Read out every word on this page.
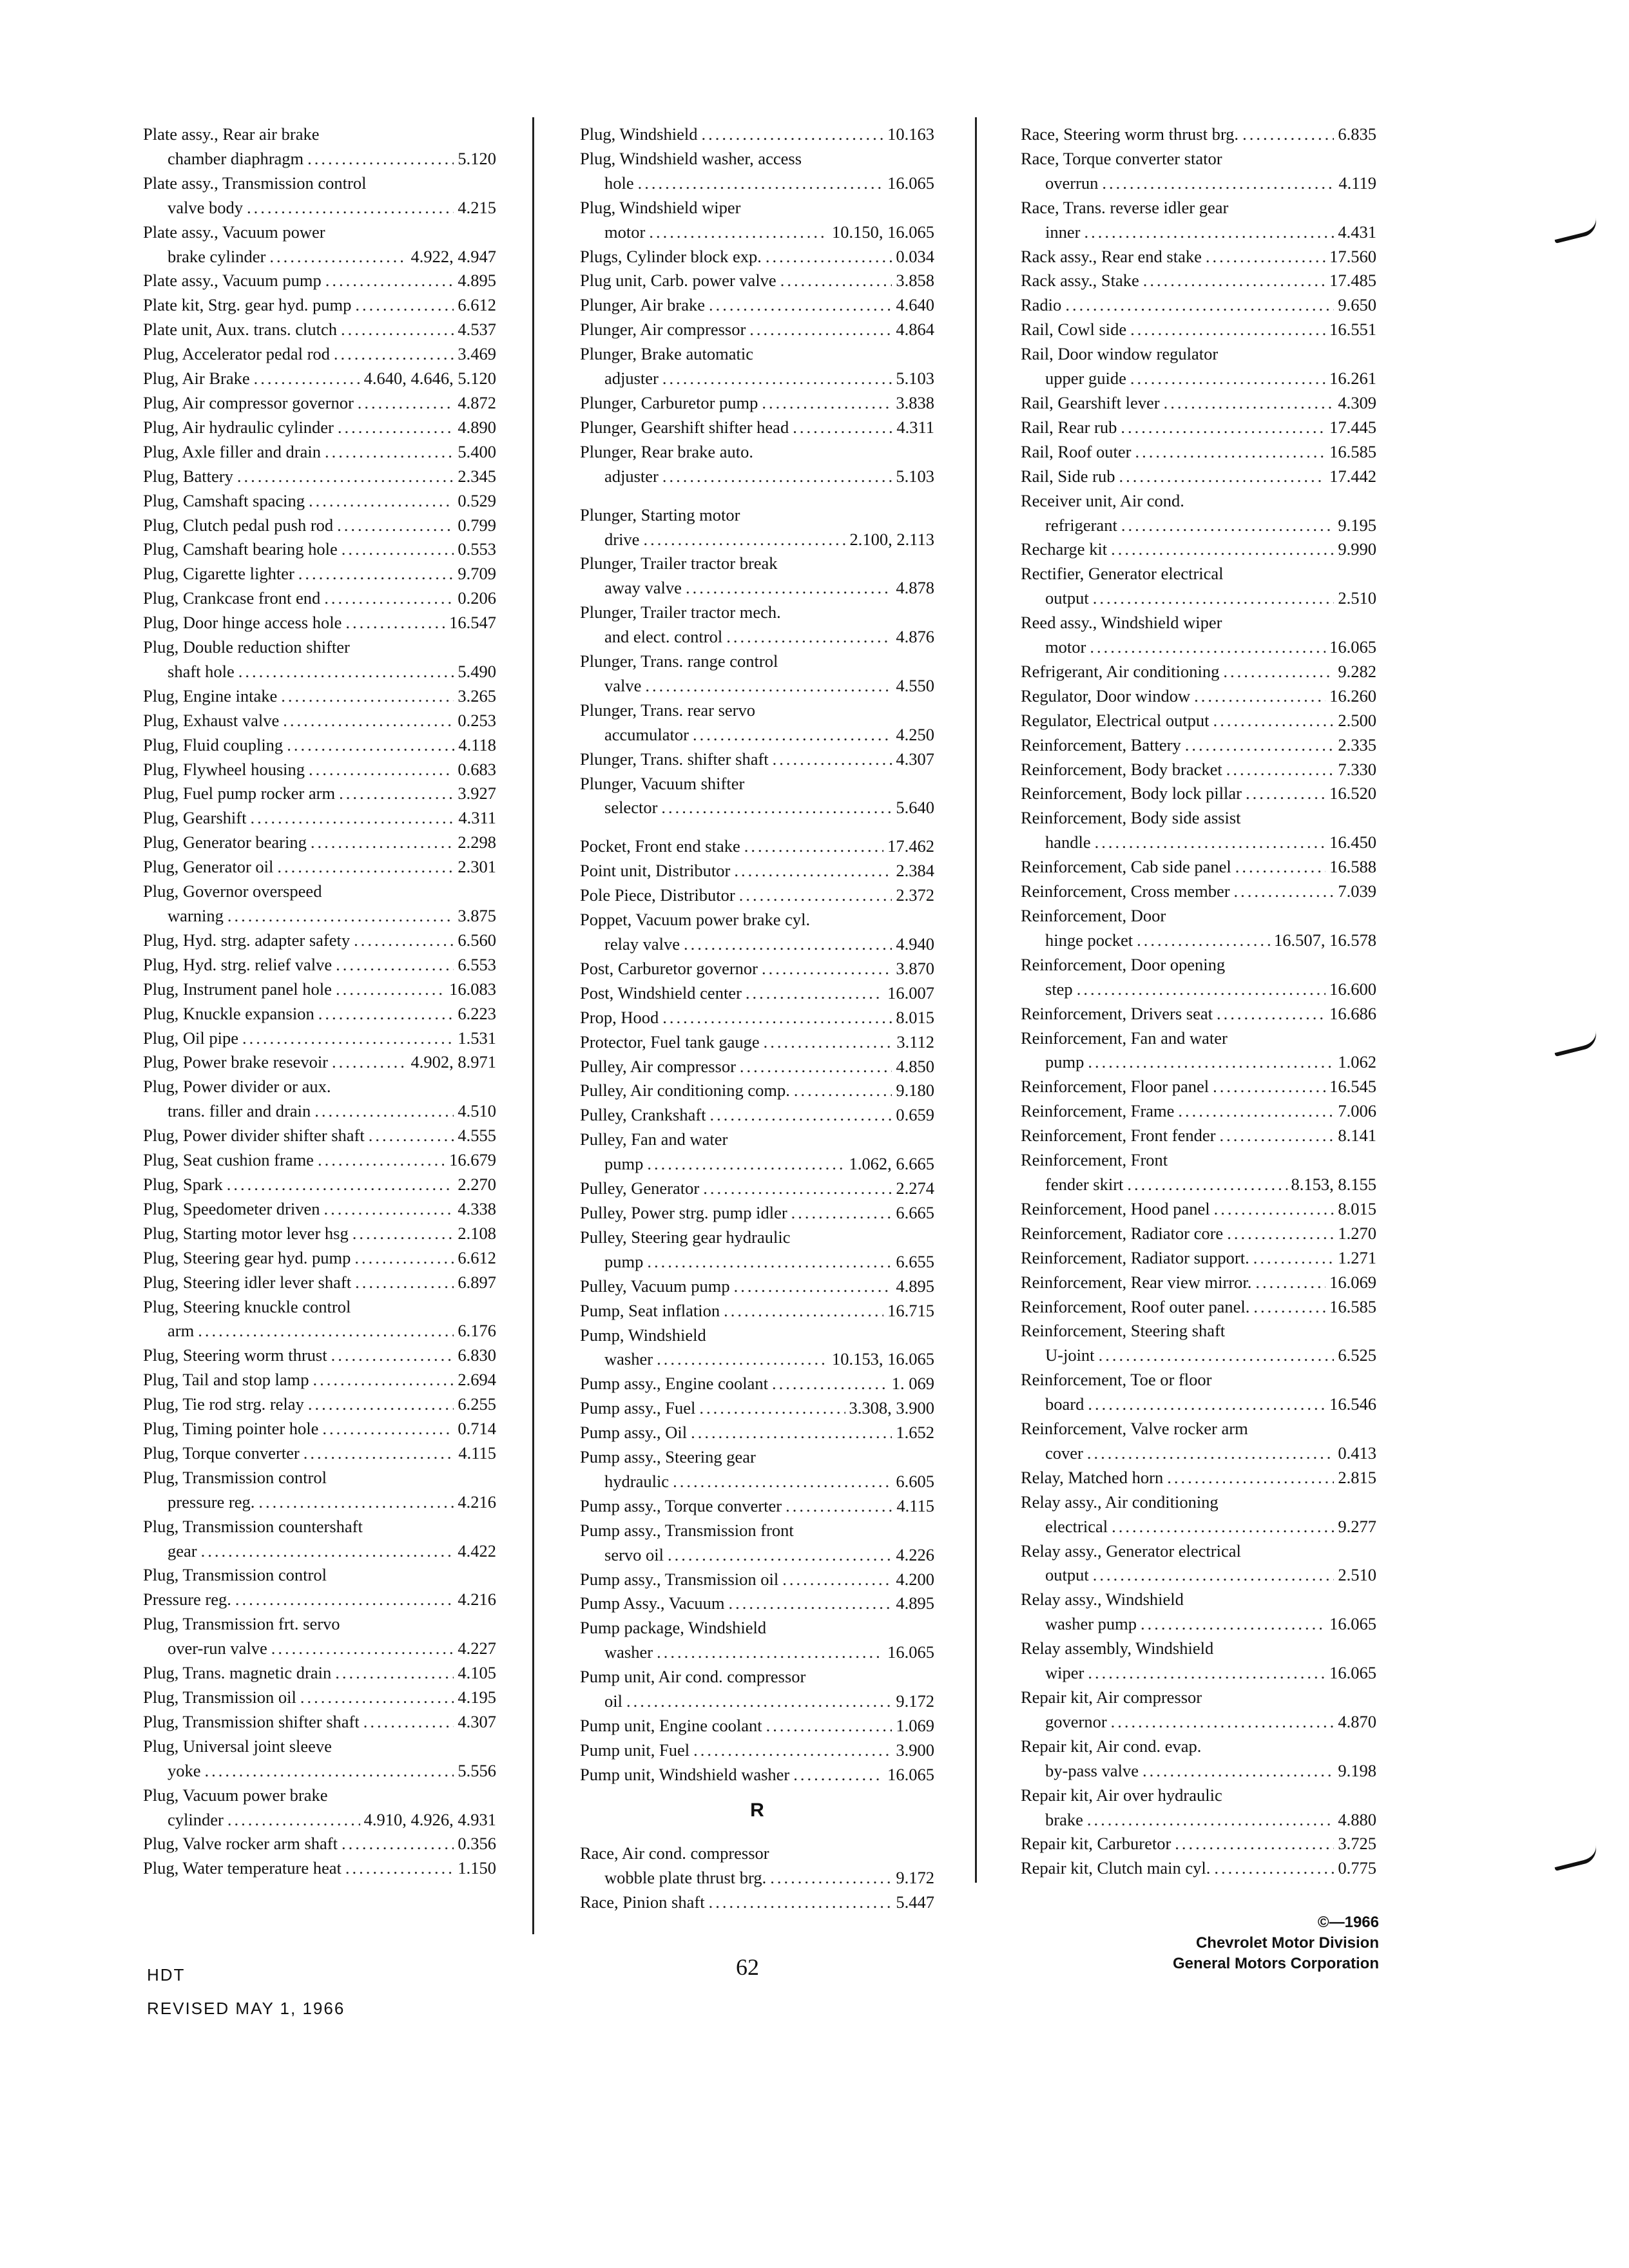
Plate assy., Rear air brake
chamber diaphragm .....	5.120
Plate assy., Transmission control
valve body .....	4.215
Plate assy., Vacuum power
brake cylinder .....	4.922, 4.947
Plate assy., Vacuum pump .....	4.895
Plate kit, Strg. gear hyd. pump .....	6.612
Plate unit, Aux. trans. clutch .....	4.537
Plug, Accelerator pedal rod .....	3.469
Plug, Air Brake .....	4.640, 4.646, 5.120
Plug, Air compressor governor .....	4.872
Plug, Air hydraulic cylinder .....	4.890
Plug, Axle filler and drain .....	5.400
Plug, Battery .....	2.345
Plug, Camshaft spacing .....	0.529
Plug, Clutch pedal push rod .....	0.799
Plug, Camshaft bearing hole .....	0.553
Plug, Cigarette lighter .....	9.709
Plug, Crankcase front end .....	0.206
Plug, Door hinge access hole .....	16.547
Plug, Double reduction shifter
shaft hole .....	5.490
Plug, Engine intake .....	3.265
Plug, Exhaust valve .....	0.253
Plug, Fluid coupling .....	4.118
Plug, Flywheel housing .....	0.683
Plug, Fuel pump rocker arm .....	3.927
Plug, Gearshift .....	4.311
Plug, Generator bearing .....	2.298
Plug, Generator oil .....	2.301
Plug, Governor overspeed
warning .....	3.875
Plug, Hyd. strg. adapter safety .....	6.560
Plug, Hyd. strg. relief valve .....	6.553
Plug, Instrument panel hole .....	16.083
Plug, Knuckle expansion .....	6.223
Plug, Oil pipe .....	1.531
Plug, Power brake resevoir .....	4.902, 8.971
Plug, Power divider or aux.
trans. filler and drain .....	4.510
Plug, Power divider shifter shaft .....	4.555
Plug, Seat cushion frame .....	16.679
Plug, Spark .....	2.270
Plug, Speedometer driven .....	4.338
Plug, Starting motor lever hsg .....	2.108
Plug, Steering gear hyd. pump .....	6.612
Plug, Steering idler lever shaft .....	6.897
Plug, Steering knuckle control
arm .....	6.176
Plug, Steering worm thrust .....	6.830
Plug, Tail and stop lamp .....	2.694
Plug, Tie rod strg. relay .....	6.255
Plug, Timing pointer hole .....	0.714
Plug, Torque converter .....	4.115
Plug, Transmission control
pressure reg. .....	4.216
Plug, Transmission countershaft
gear .....	4.422
Plug, Transmission control
Pressure reg. .....	4.216
Plug, Transmission frt. servo
over-run valve .....	4.227
Plug, Trans. magnetic drain .....	4.105
Plug, Transmission oil .....	4.195
Plug, Transmission shifter shaft .....	4.307
Plug, Universal joint sleeve
yoke .....	5.556
Plug, Vacuum power brake
cylinder .....	4.910, 4.926, 4.931
Plug, Valve rocker arm shaft .....	0.356
Plug, Water temperature heat .....	1.150
Plug, Windshield .....	10.163
Plug, Windshield washer, access
hole .....	16.065
Plug, Windshield wiper
motor .....	10.150, 16.065
Plugs, Cylinder block exp. .....	0.034
Plug unit, Carb. power valve .....	3.858
Plunger, Air brake .....	4.640
Plunger, Air compressor .....	4.864
Plunger, Brake automatic
adjuster .....	5.103
Plunger, Carburetor pump .....	3.838
Plunger, Gearshift shifter head .....	4.311
Plunger, Rear brake auto.
adjuster .....	5.103
Plunger, Starting motor
drive .....	2.100, 2.113
Plunger, Trailer tractor break
away valve .....	4.878
Plunger, Trailer tractor mech.
and elect. control .....	4.876
Plunger, Trans. range control
valve .....	4.550
Plunger, Trans. rear servo
accumulator .....	4.250
Plunger, Trans. shifter shaft .....	4.307
Plunger, Vacuum shifter
selector .....	5.640
Pocket, Front end stake .....	17.462
Point unit, Distributor .....	2.384
Pole Piece, Distributor .....	2.372
Poppet, Vacuum power brake cyl.
relay valve .....	4.940
Post, Carburetor governor .....	3.870
Post, Windshield center .....	16.007
Prop, Hood .....	8.015
Protector, Fuel tank gauge .....	3.112
Pulley, Air compressor .....	4.850
Pulley, Air conditioning comp. .....	9.180
Pulley, Crankshaft .....	0.659
Pulley, Fan and water
pump .....	1.062, 6.665
Pulley, Generator .....	2.274
Pulley, Power strg. pump idler .....	6.665
Pulley, Steering gear hydraulic
pump .....	6.655
Pulley, Vacuum pump .....	4.895
Pump, Seat inflation .....	16.715
Pump, Windshield
washer .....	10.153, 16.065
Pump assy., Engine coolant .....	1. 069
Pump assy., Fuel .....	3.308, 3.900
Pump assy., Oil .....	1.652
Pump assy., Steering gear
hydraulic .....	6.605
Pump assy., Torque converter .....	4.115
Pump assy., Transmission front
servo oil .....	4.226
Pump assy., Transmission oil .....	4.200
Pump Assy., Vacuum .....	4.895
Pump package, Windshield
washer .....	16.065
Pump unit, Air cond. compressor
oil .....	9.172
Pump unit, Engine coolant .....	1.069
Pump unit, Fuel .....	3.900
Pump unit, Windshield washer .....	16.065
R
Race, Air cond. compressor
wobble plate thrust brg. .....	9.172
Race, Pinion shaft .....	5.447
Race, Steering worm thrust brg. .....	6.835
Race, Torque converter stator
overrun .....	4.119
Race, Trans. reverse idler gear
inner .....	4.431
Rack assy., Rear end stake .....	17.560
Rack assy., Stake .....	17.485
Radio .....	9.650
Rail, Cowl side .....	16.551
Rail, Door window regulator
upper guide .....	16.261
Rail, Gearshift lever .....	4.309
Rail, Rear rub .....	17.445
Rail, Roof outer .....	16.585
Rail, Side rub .....	17.442
Receiver unit, Air cond.
refrigerant .....	9.195
Recharge kit .....	9.990
Rectifier, Generator electrical
output .....	2.510
Reed assy., Windshield wiper
motor .....	16.065
Refrigerant, Air conditioning .....	9.282
Regulator, Door window .....	16.260
Regulator, Electrical output .....	2.500
Reinforcement, Battery .....	2.335
Reinforcement, Body bracket .....	7.330
Reinforcement, Body lock pillar .....	16.520
Reinforcement, Body side assist
handle .....	16.450
Reinforcement, Cab side panel .....	16.588
Reinforcement, Cross member .....	7.039
Reinforcement, Door
hinge pocket .....	16.507, 16.578
Reinforcement, Door opening
step .....	16.600
Reinforcement, Drivers seat .....	16.686
Reinforcement, Fan and water
pump .....	1.062
Reinforcement, Floor panel .....	16.545
Reinforcement, Frame .....	7.006
Reinforcement, Front fender .....	8.141
Reinforcement, Front
fender skirt .....	8.153, 8.155
Reinforcement, Hood panel .....	8.015
Reinforcement, Radiator core .....	1.270
Reinforcement, Radiator support. .....	1.271
Reinforcement, Rear view mirror. .....	16.069
Reinforcement, Roof outer panel. .....	16.585
Reinforcement, Steering shaft
U-joint .....	6.525
Reinforcement, Toe or floor
board .....	16.546
Reinforcement, Valve rocker arm
cover .....	0.413
Relay, Matched horn .....	2.815
Relay assy., Air conditioning
electrical .....	9.277
Relay assy., Generator electrical
output .....	2.510
Relay assy., Windshield
washer pump .....	16.065
Relay assembly, Windshield
wiper .....	16.065
Repair kit, Air compressor
governor .....	4.870
Repair kit, Air cond. evap.
by-pass valve .....	9.198
Repair kit, Air over hydraulic
brake .....	4.880
Repair kit, Carburetor .....	3.725
Repair kit, Clutch main cyl. .....	0.775
HDT
REVISED MAY 1, 1966
62
©—1966
Chevrolet Motor Division
General Motors Corporation
